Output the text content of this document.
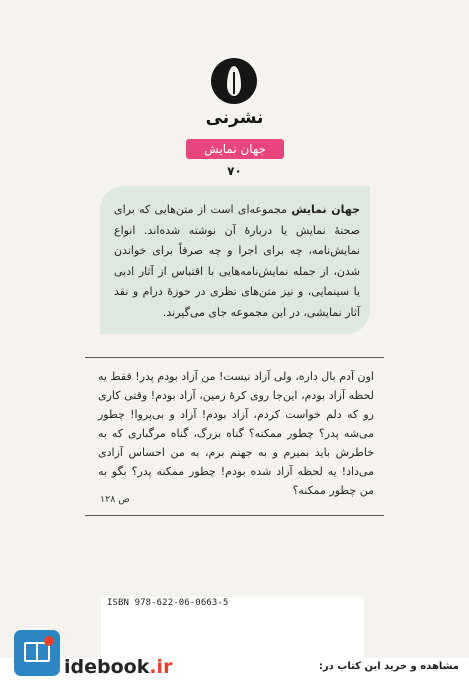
نشرنی
جهان نمایش
۷۰
جهان نمایش مجموعه‌ای است از متن‌هایی که برای صحنهٔ نمایش یا دربارهٔ آن نوشته شده‌اند. انواع نمایش‌نامه، چه برای اجرا و چه صرفاً برای خواندن شدن، از جمله نمایش‌نامه‌هایی با اقتباس از آثار ادبی یا سینمایی، و نیز متن‌های نظری در حوزهٔ درام و نقد آثار نمایشی، در این مجموعه جای می‌گیرند.
اون آدم بال داره، ولی آزاد نیست! من آزاد بودم پدر! فقط یه لحظه آزاد بودم، این‌جا روی کرهٔ زمین، آزاد بودم! وقتی کاری رو که دلم خواست کردم، آزاد بودم! آزاد و بی‌پروا! چطور می‌شه پدر؟ چطور ممکنه؟ گناه بزرگ، گناه مرگباری که به خاطرش باید بمیرم و به جهنم برم، به من احساس آزادی می‌داد! یه لحظه آزاد شده بودم! چطور ممکنه پدر؟ بگو به من چطور ممکنه؟
ص ۱۲۸
ISBN 978-622-06-0663-5
idebook.ir	مشاهده و خرید این کتاب در:
